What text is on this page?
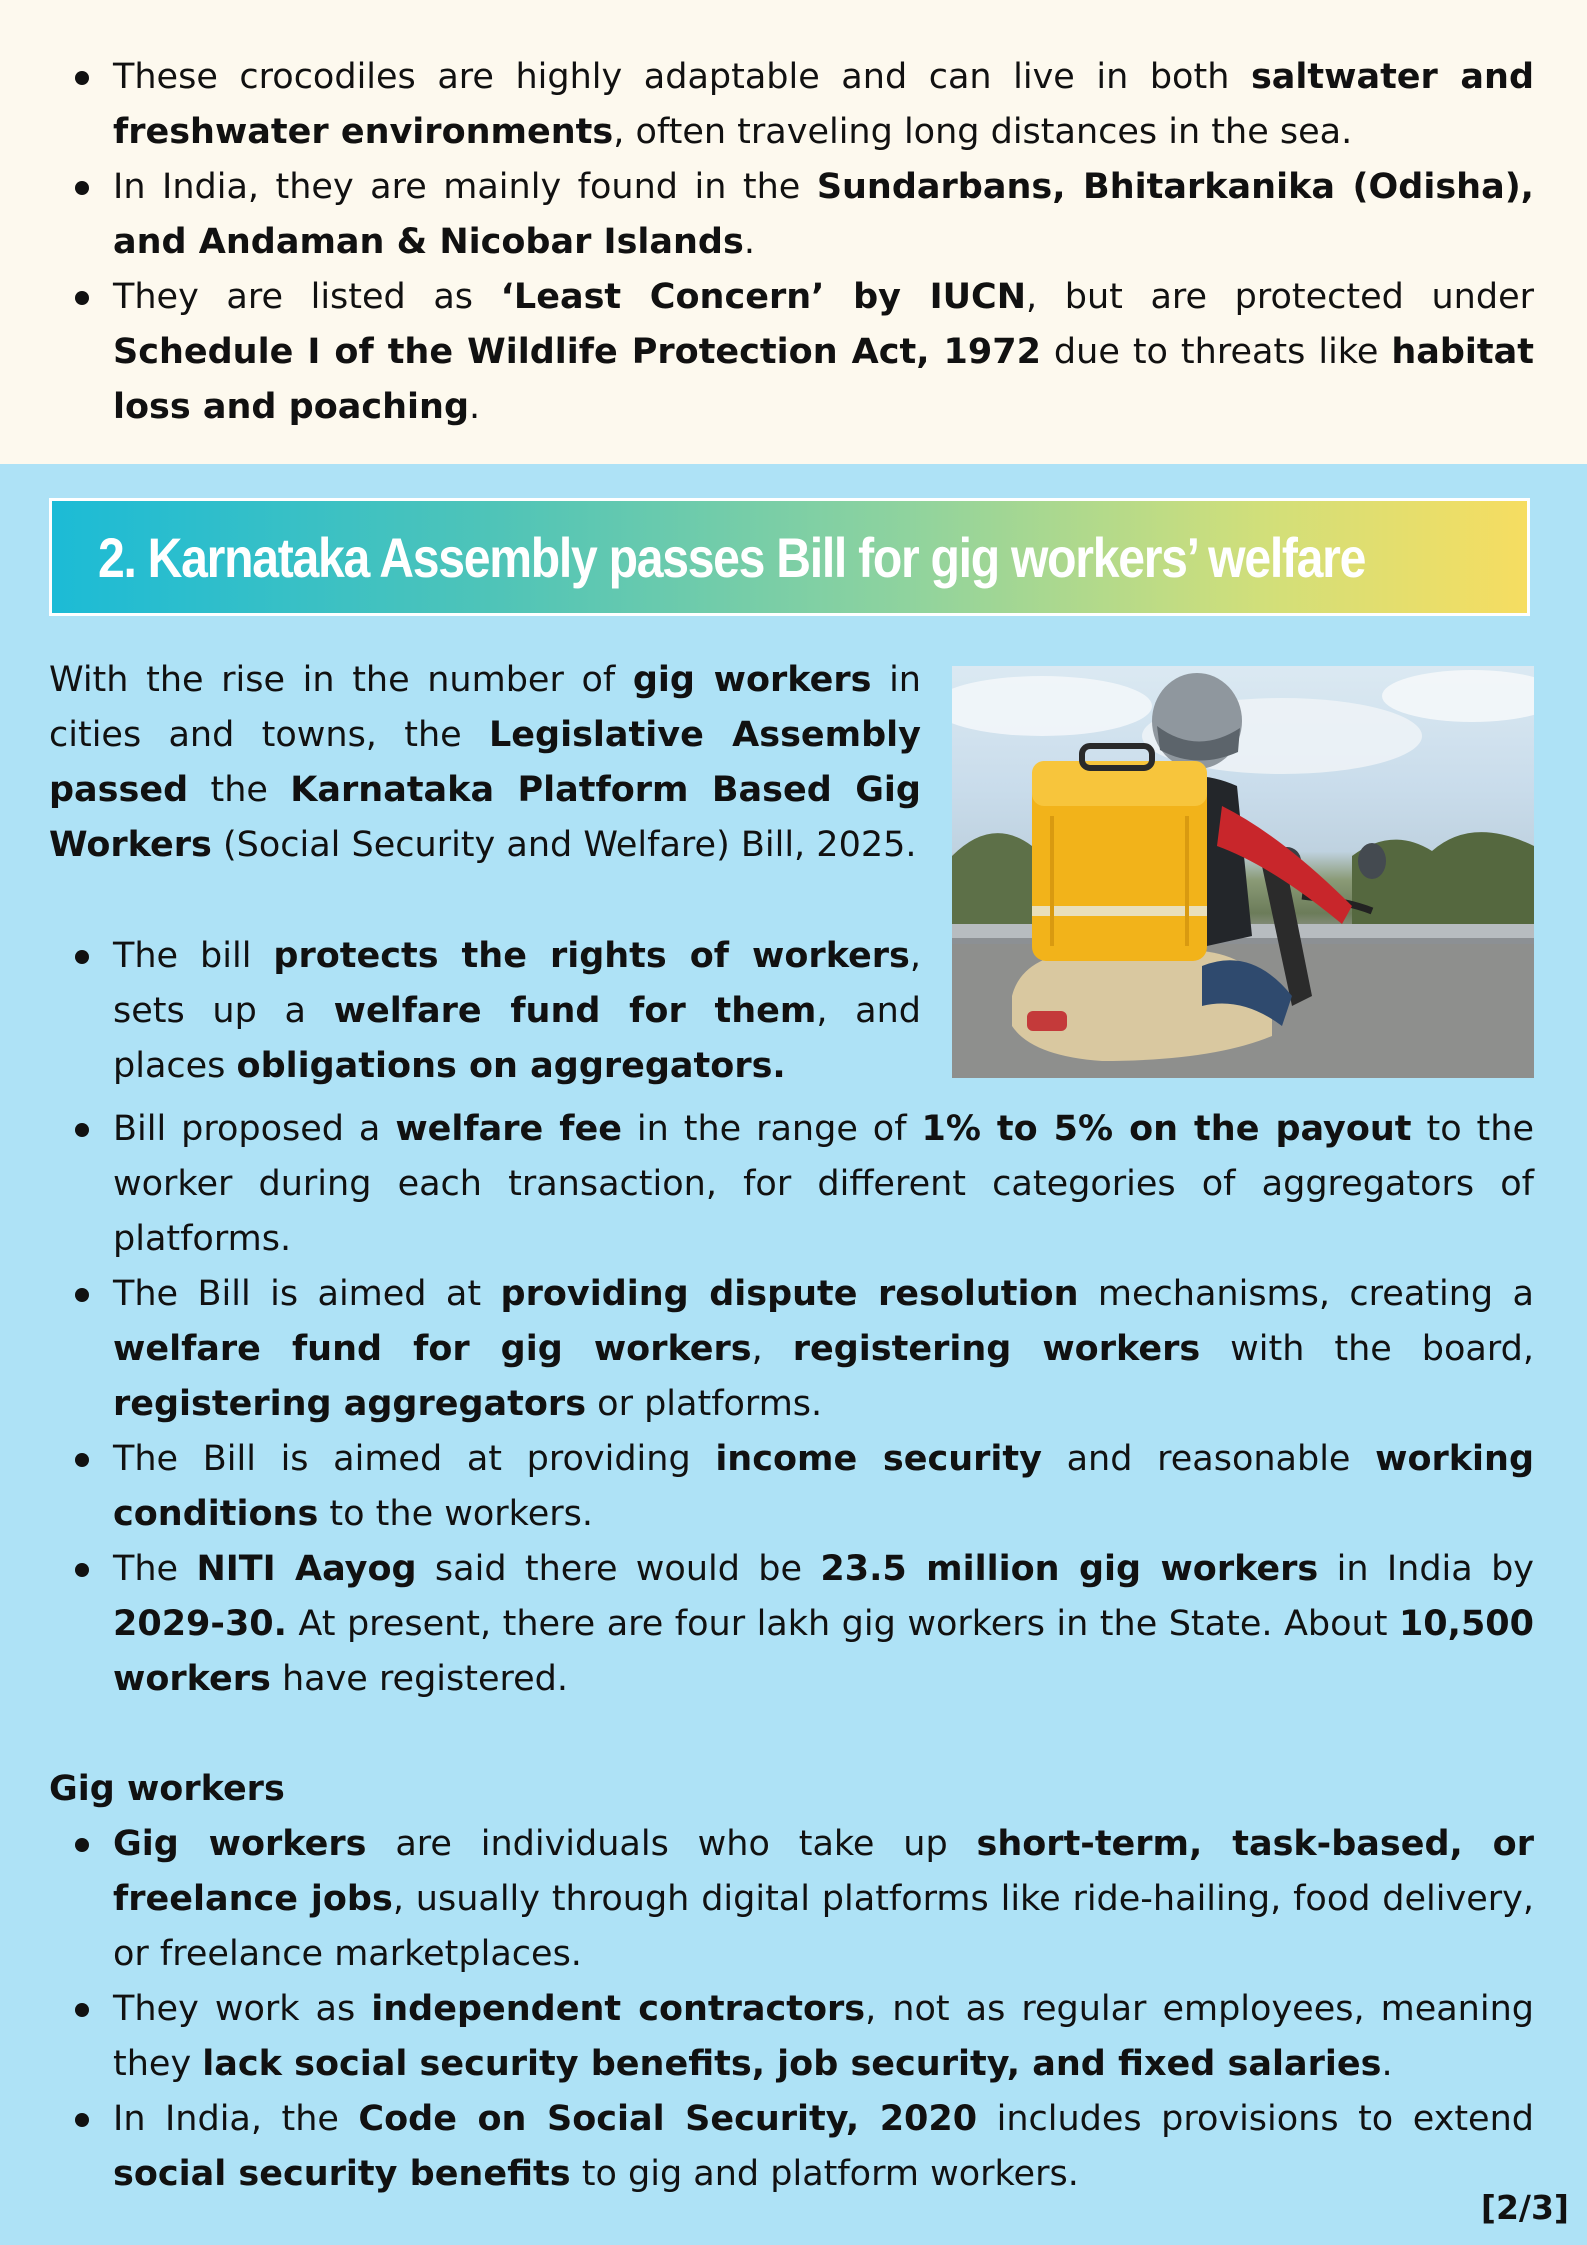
These crocodiles are highly adaptable and can live in both saltwater and freshwater environments, often traveling long distances in the sea.
In India, they are mainly found in the Sundarbans, Bhitarkanika (Odisha), and Andaman & Nicobar Islands.
They are listed as ‘Least Concern’ by IUCN, but are protected under Schedule I of the Wildlife Protection Act, 1972 due to threats like habitat loss and poaching.
2. Karnataka Assembly passes Bill for gig workers’ welfare

With the rise in the number of gig workers in cities and towns, the Legislative Assembly passed the Karnataka Platform Based Gig Workers (Social Security and Welfare) Bill, 2025.

The bill protects the rights of workers, sets up a welfare fund for them, and places obligations on aggregators.
Bill proposed a welfare fee in the range of 1% to 5% on the payout to the worker during each transaction, for different categories of aggregators of platforms.
The Bill is aimed at providing dispute resolution mechanisms, creating a welfare fund for gig workers, registering workers with the board, registering aggregators or platforms.
The Bill is aimed at providing income security and reasonable working conditions to the workers.
The NITI Aayog said there would be 23.5 million gig workers in India by 2029-30. At present, there are four lakh gig workers in the State. About 10,500 workers have registered.
Gig workers
Gig workers are individuals who take up short-term, task-based, or freelance jobs, usually through digital platforms like ride-hailing, food delivery, or freelance marketplaces.
They work as independent contractors, not as regular employees, meaning they lack social security benefits, job security, and fixed salaries.
In India, the Code on Social Security, 2020 includes provisions to extend social security benefits to gig and platform workers.
[2/3]
